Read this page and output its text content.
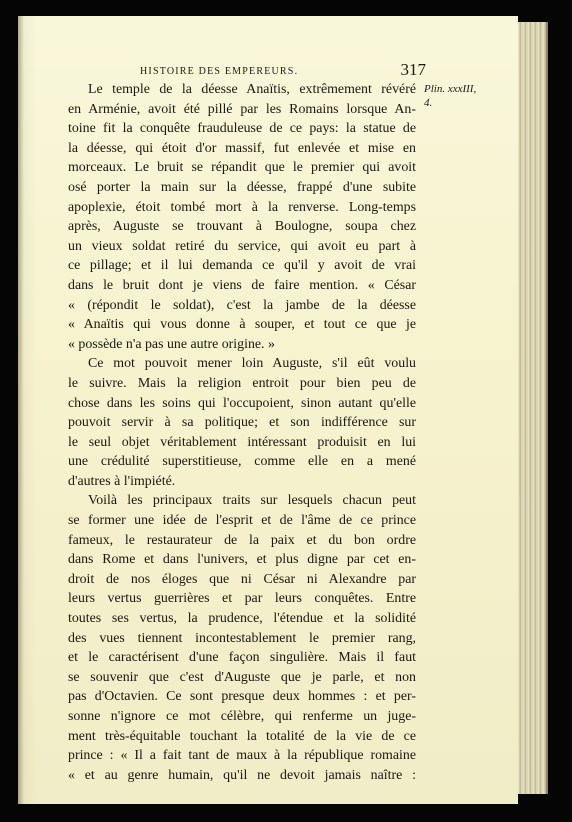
HISTOIRE DES EMPEREURS.	317
Plin. xxxIII,
4.
Le temple de la déesse Anaïtis, extrêmement révéré
en Arménie, avoit été pillé par les Romains lorsque An-
toine fit la conquête frauduleuse de ce pays: la statue de
la déesse, qui étoit d'or massif, fut enlevée et mise en
morceaux. Le bruit se répandit que le premier qui avoit
osé porter la main sur la déesse, frappé d'une subite
apoplexie, étoit tombé mort à la renverse. Long-temps
après, Auguste se trouvant à Boulogne, soupa chez
un vieux soldat retiré du service, qui avoit eu part à
ce pillage; et il lui demanda ce qu'il y avoit de vrai
dans le bruit dont je viens de faire mention. « César
« (répondit le soldat), c'est la jambe de la déesse
« Anaïtis qui vous donne à souper, et tout ce que je
« possède n'a pas une autre origine. »
Ce mot pouvoit mener loin Auguste, s'il eût voulu
le suivre. Mais la religion entroit pour bien peu de
chose dans les soins qui l'occupoient, sinon autant qu'elle
pouvoit servir à sa politique; et son indifférence sur
le seul objet véritablement intéressant produisit en lui
une crédulité superstitieuse, comme elle en a mené
d'autres à l'impiété.
Voilà les principaux traits sur lesquels chacun peut
se former une idée de l'esprit et de l'âme de ce prince
fameux, le restaurateur de la paix et du bon ordre
dans Rome et dans l'univers, et plus digne par cet en-
droit de nos éloges que ni César ni Alexandre par
leurs vertus guerrières et par leurs conquêtes. Entre
toutes ses vertus, la prudence, l'étendue et la solidité
des vues tiennent incontestablement le premier rang,
et le caractérisent d'une façon singulière. Mais il faut
se souvenir que c'est d'Auguste que je parle, et non
pas d'Octavien. Ce sont presque deux hommes : et per-
sonne n'ignore ce mot célèbre, qui renferme un juge-
ment très-équitable touchant la totalité de la vie de ce
prince : « Il a fait tant de maux à la république romaine
« et au genre humain, qu'il ne devoit jamais naître :
